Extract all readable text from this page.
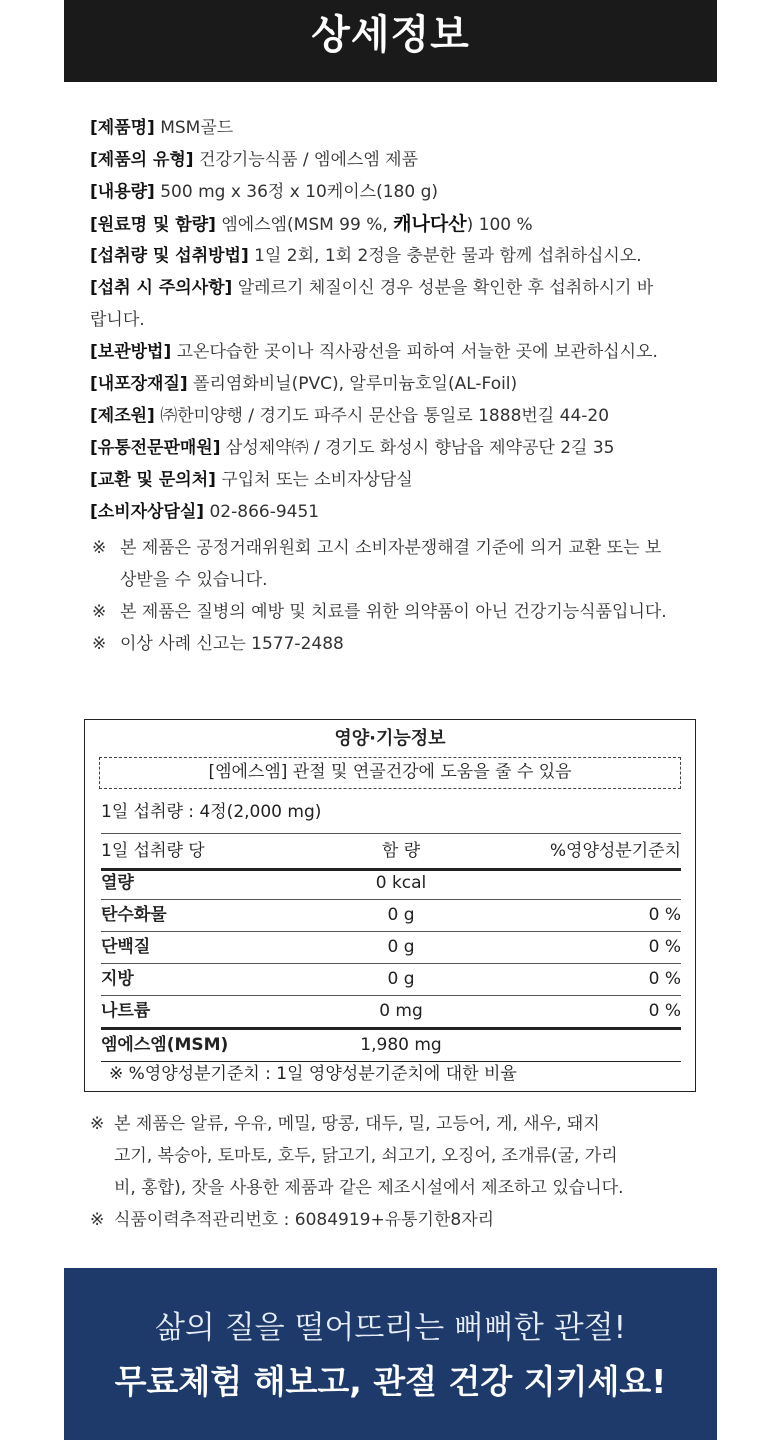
상세정보
[제품명] MSM골드
[제품의 유형] 건강기능식품 / 엠에스엠 제품
[내용량] 500 mg x 36정 x 10케이스(180 g)
[원료명 및 함량] 엠에스엠(MSM 99 %, 캐나다산) 100 %
[섭취량 및 섭취방법] 1일 2회, 1회 2정을 충분한 물과 함께 섭취하십시오.
[섭취 시 주의사항] 알레르기 체질이신 경우 성분을 확인한 후 섭취하시기 바
랍니다.
[보관방법] 고온다습한 곳이나 직사광선을 피하여 서늘한 곳에 보관하십시오.
[내포장재질] 폴리염화비닐(PVC), 알루미늄호일(AL-Foil)
[제조원] ㈜한미양행 / 경기도 파주시 문산읍 통일로 1888번길 44-20
[유통전문판매원] 삼성제약㈜ / 경기도 화성시 향남읍 제약공단 2길 35
[교환 및 문의처] 구입처 또는 소비자상담실
[소비자상담실] 02-866-9451
※ 본 제품은 공정거래위원회 고시 소비자분쟁해결 기준에 의거 교환 또는 보
상받을 수 있습니다.
※ 본 제품은 질병의 예방 및 치료를 위한 의약품이 아닌 건강기능식품입니다.
※ 이상 사례 신고는 1577-2488
영양·기능정보
[엠에스엠] 관절 및 연골건강에 도움을 줄 수 있음
1일 섭취량 : 4정(2,000 mg)
1일 섭취량 당	함 량	%영양성분기준치
열량	0 kcal
탄수화물	0 g	0 %
단백질	0 g	0 %
지방	0 g	0 %
나트륨	0 mg	0 %
엠에스엠(MSM)	1,980 mg
※ %영양성분기준치 : 1일 영양성분기준치에 대한 비율
※ 본 제품은 알류, 우유, 메밀, 땅콩, 대두, 밀, 고등어, 게, 새우, 돼지
고기, 복숭아, 토마토, 호두, 닭고기, 쇠고기, 오징어, 조개류(굴, 가리
비, 홍합), 잣을 사용한 제품과 같은 제조시설에서 제조하고 있습니다.
※ 식품이력추적관리번호 : 6084919+유통기한8자리
삶의 질을 떨어뜨리는 뻐뻐한 관절!
무료체험 해보고, 관절 건강 지키세요!
